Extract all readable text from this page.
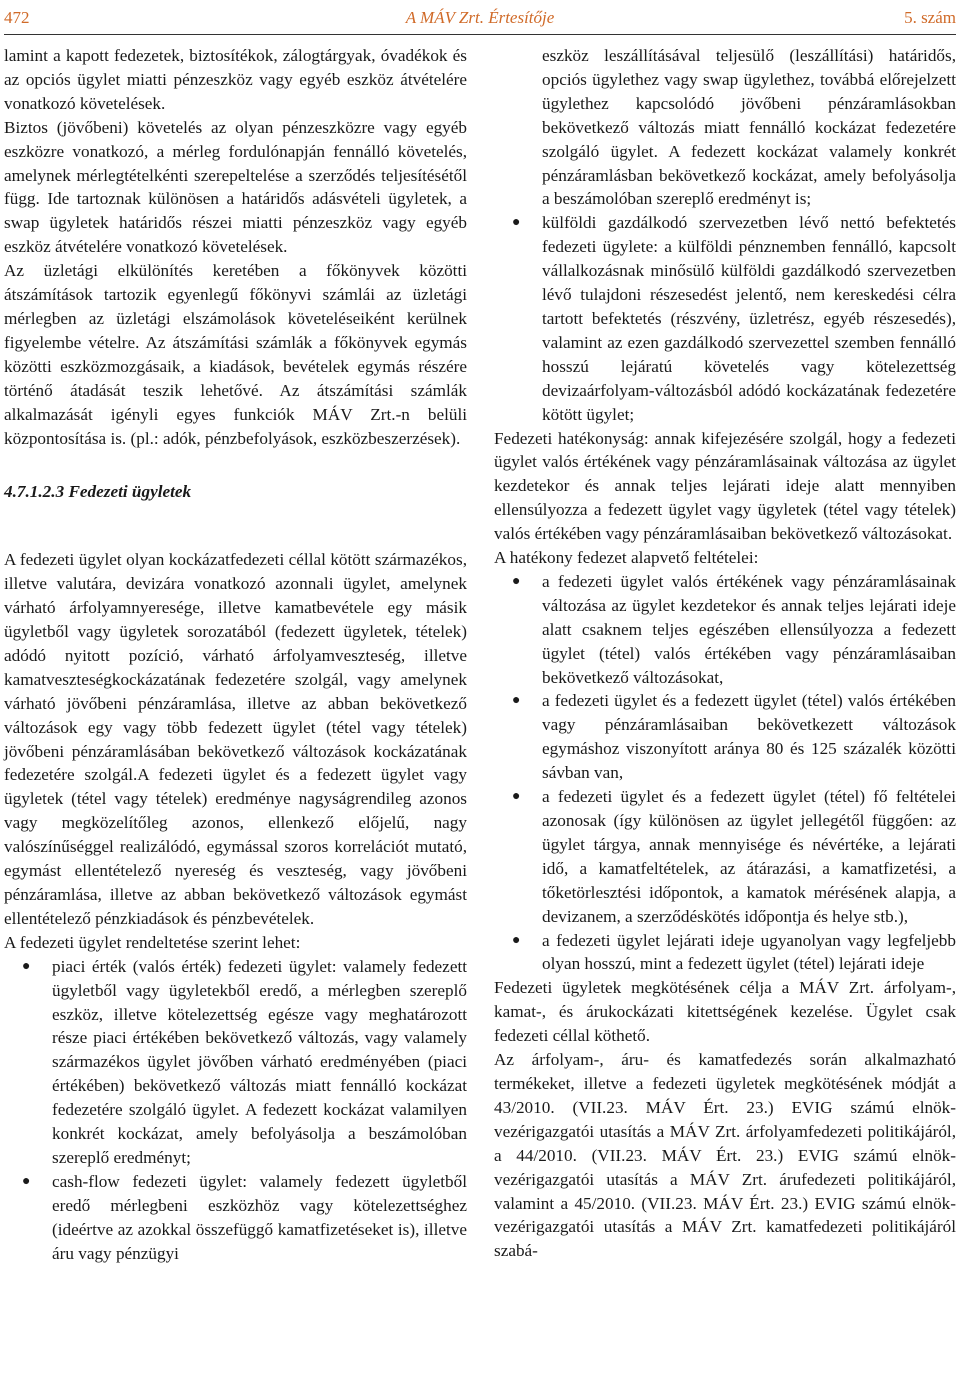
472	A MÁV Zrt. Értesítője	5. szám

lamint a kapott fedezetek, biztosítékok, zálogtárgyak, óvadékok és az opciós ügylet miatti pénzeszköz vagy egyéb eszköz átvételére vonatkozó követelések.

Biztos (jövőbeni) követelés az olyan pénzeszközre vagy egyéb eszközre vonatkozó, a mérleg fordulónapján fennálló követelés, amelynek mérlegtételkénti szerepeltelése a szerződés teljesítésétől függ. Ide tartoznak különösen a határidős adásvételi ügyletek, a swap ügyletek határidős részei miatti pénzeszköz vagy egyéb eszköz átvételére vonatkozó követelések.

Az üzletági elkülönítés keretében a főkönyvek közötti átszámítások tartozik egyenlegű főkönyvi számlái az üzletági mérlegben az üzletági elszámolások követeléseiként kerülnek figyelembe vételre. Az átszámítási számlák a főkönyvek egymás közötti eszközmozgásaik, a kiadások, bevételek egymás részére történő átadását teszik lehetővé. Az átszámítási számlák alkalmazását igényli egyes funkciók MÁV Zrt.-n belüli központosítása is. (pl.: adók, pénzbefolyások, eszközbeszerzések).

4.7.1.2.3 Fedezeti ügyletek

A fedezeti ügylet olyan kockázatfedezeti céllal kötött származékos, illetve valutára, devizára vonatkozó azonnali ügylet, amelynek várható árfolyamnyeresége, illetve kamatbevétele egy másik ügyletből vagy ügyletek sorozatából (fedezett ügyletek, tételek) adódó nyitott pozíció, várható árfolyamveszteség, illetve kamatveszteségkockázatának fedezetére szolgál, vagy amelynek várható jövőbeni pénzáramlása, illetve az abban bekövetkező változások egy vagy több fedezett ügylet (tétel vagy tételek) jövőbeni pénzáramlásában bekövetkező változások kockázatának fedezetére szolgál.A fedezeti ügylet és a fedezett ügylet vagy ügyletek (tétel vagy tételek) eredménye nagyságrendileg azonos vagy megközelítőleg azonos, ellenkező előjelű, nagy valószínűséggel realizálódó, egymással szoros korrelációt mutató, egymást ellentételező nyereség és veszteség, vagy jövőbeni pénzáramlása, illetve az abban bekövetkező változások egymást ellentételező pénzkiadások és pénzbevételek.

A fedezeti ügylet rendeltetése szerint lehet:

● piaci érték (valós érték) fedezeti ügylet: valamely fedezett ügyletből vagy ügyletekből eredő, a mérlegben szereplő eszköz, illetve kötelezettség egésze vagy meghatározott része piaci értékében bekövetkező változás, vagy valamely származékos ügylet jövőben várható eredményében (piaci értékében) bekövetkező változás miatt fennálló kockázat fedezetére szolgáló ügylet. A fedezett kockázat valamilyen konkrét kockázat, amely befolyásolja a beszámolóban szereplő eredményt;
● cash-flow fedezeti ügylet: valamely fedezett ügyletből eredő mérlegbeni eszközhöz vagy kötelezettséghez (ideértve az azokkal összefüggő kamatfizetéseket is), illetve áru vagy pénzügyi
eszköz leszállításával teljesülő (leszállítási) határidős, opciós ügylethez vagy swap ügylethez, továbbá előrejelzett ügylethez kapcsolódó jövőbeni pénzáramlásokban bekövetkező változás miatt fennálló kockázat fedezetére szolgáló ügylet. A fedezett kockázat valamely konkrét pénzáramlásban bekövetkező kockázat, amely befolyásolja a beszámolóban szereplő eredményt is;
● külföldi gazdálkodó szervezetben lévő nettó befektetés fedezeti ügylete: a külföldi pénznemben fennálló, kapcsolt vállalkozásnak minősülő külföldi gazdálkodó szervezetben lévő tulajdoni részesedést jelentő, nem kereskedési célra tartott befektetés (részvény, üzletrész, egyéb részesedés), valamint az ezen gazdálkodó szervezettel szemben fennálló hosszú lejáratú követelés vagy kötelezettség devizaárfolyam-változásból adódó kockázatának fedezetére kötött ügylet;

Fedezeti hatékonyság: annak kifejezésére szolgál, hogy a fedezeti ügylet valós értékének vagy pénzáramlásainak változása az ügylet kezdetekor és annak teljes lejárati ideje alatt mennyiben ellensúlyozza a fedezett ügylet vagy ügyletek (tétel vagy tételek) valós értékében vagy pénzáramlásaiban bekövetkező változásokat.

A hatékony fedezet alapvető feltételei:

● a fedezeti ügylet valós értékének vagy pénzáramlásainak változása az ügylet kezdetekor és annak teljes lejárati ideje alatt csaknem teljes egészében ellensúlyozza a fedezett ügylet (tétel) valós értékében vagy pénzáramlásaiban bekövetkező változásokat,
● a fedezeti ügylet és a fedezett ügylet (tétel) valós értékében vagy pénzáramlásaiban bekövetkezett változások egymáshoz viszonyított aránya 80 és 125 százalék közötti sávban van,
● a fedezeti ügylet és a fedezett ügylet (tétel) fő feltételei azonosak (így különösen az ügylet jellegétől függően: az ügylet tárgya, annak mennyisége és névértéke, a lejárati idő, a kamatfeltételek, az átárazási, a kamatfizetési, a tőketörlesztési időpontok, a kamatok mérésének alapja, a devizanem, a szerződéskötés időpontja és helye stb.),
● a fedezeti ügylet lejárati ideje ugyanolyan vagy legfeljebb olyan hosszú, mint a fedezett ügylet (tétel) lejárati ideje

Fedezeti ügyletek megkötésének célja a MÁV Zrt. árfolyam-, kamat-, és árukockázati kitettségének kezelése. Ügylet csak fedezeti céllal köthető.

Az árfolyam-, áru- és kamatfedezés során alkalmazható termékeket, illetve a fedezeti ügyletek megkötésének módját a 43/2010. (VII.23. MÁV Ért. 23.) EVIG számú elnök-vezérigazgatói utasítás a MÁV Zrt. árfolyamfedezeti politikájáról, a 44/2010. (VII.23. MÁV Ért. 23.) EVIG számú elnök-vezérigazgatói utasítás a MÁV Zrt. árufedezeti politikájáról, valamint a 45/2010. (VII.23. MÁV Ért. 23.) EVIG számú elnök-vezérigazgatói utasítás a MÁV Zrt. kamatfedezeti politikájáról szabá-
